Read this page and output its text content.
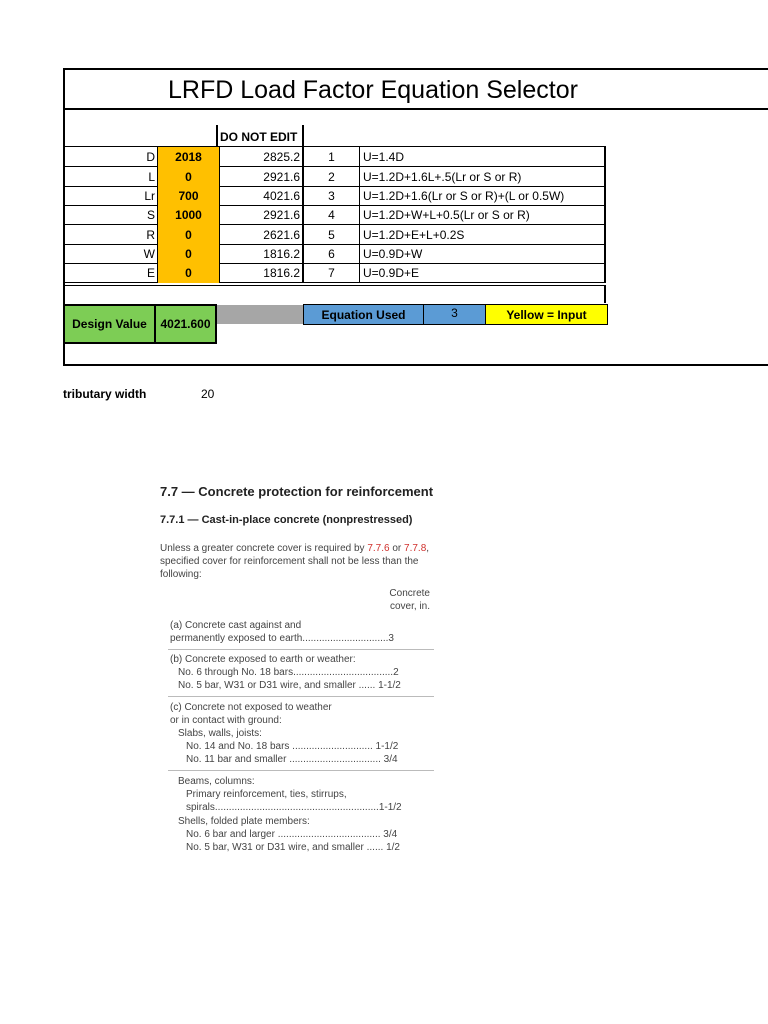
LRFD Load Factor Equation Selector
DO NOT EDIT
D	2018	2825.2	1	U=1.4D
L	0	2921.6	2	U=1.2D+1.6L+.5(Lr or S or R)
Lr	700	4021.6	3	U=1.2D+1.6(Lr or S or R)+(L or 0.5W)
S	1000	2921.6	4	U=1.2D+W+L+0.5(Lr or S or R)
R	0	2621.6	5	U=1.2D+E+L+0.2S
W	0	1816.2	6	U=0.9D+W
E	0	1816.2	7	U=0.9D+E
Design Value	4021.600
Equation Used	3	Yellow = Input
tributary width	20
7.7 — Concrete protection for reinforcement
7.7.1 — Cast-in-place concrete (nonprestressed)
Unless a greater concrete cover is required by 7.7.6 or 7.7.8, specified cover for reinforcement shall not be less than the following:
Concrete
cover, in.
(a) Concrete cast against and
permanently exposed to earth...............................3
(b) Concrete exposed to earth or weather:
No. 6 through No. 18 bars....................................2
No. 5 bar, W31 or D31 wire, and smaller ...... 1-1/2
(c) Concrete not exposed to weather
or in contact with ground:
Slabs, walls, joists:
No. 14 and No. 18 bars ............................. 1-1/2
No. 11 bar and smaller ................................. 3/4
Beams, columns:
Primary reinforcement, ties, stirrups,
spirals...........................................................1-1/2
Shells, folded plate members:
No. 6 bar and larger ..................................... 3/4
No. 5 bar, W31 or D31 wire, and smaller ...... 1/2
